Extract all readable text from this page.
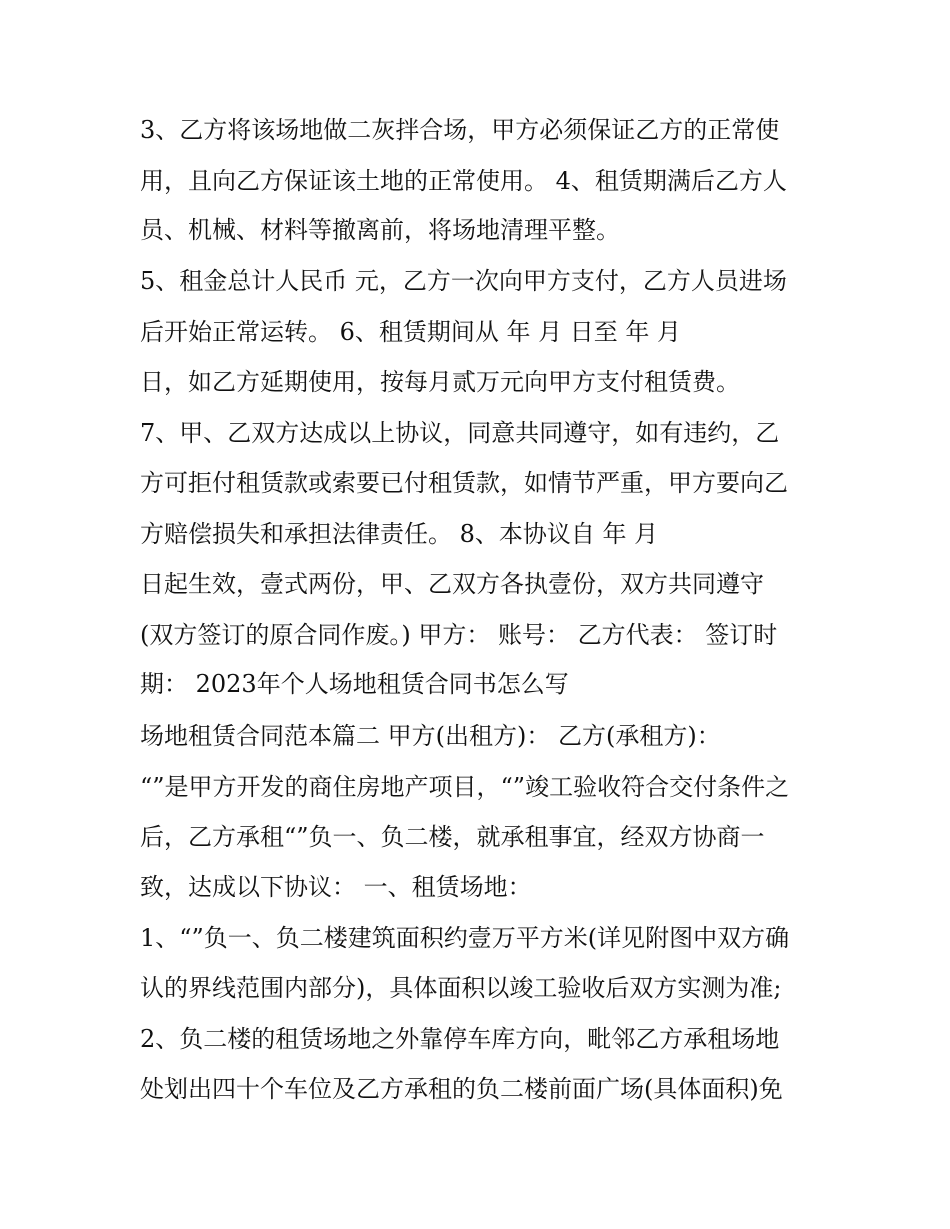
3、乙方将该场地做二灰拌合场，甲方必须保证乙方的正常使
用，且向乙方保证该土地的正常使用。 4、租赁期满后乙方人
员、机械、材料等撤离前，将场地清理平整。
5、租金总计人民币 元，乙方一次向甲方支付，乙方人员进场
后开始正常运转。 6、租赁期间从 年 月 日至 年 月
日，如乙方延期使用，按每月贰万元向甲方支付租赁费。
7、甲、乙双方达成以上协议，同意共同遵守，如有违约，乙
方可拒付租赁款或索要已付租赁款，如情节严重，甲方要向乙
方赔偿损失和承担法律责任。 8、本协议自 年 月
日起生效，壹式两份，甲、乙双方各执壹份，双方共同遵守
(双方签订的原合同作废。) 甲方： 账号： 乙方代表： 签订时
期： 2023年个人场地租赁合同书怎么写
场地租赁合同范本篇二 甲方(出租方)： 乙方(承租方)：
“”是甲方开发的商住房地产项目，“”竣工验收符合交付条件之
后，乙方承租“”负一、负二楼，就承租事宜，经双方协商一
致，达成以下协议： 一、租赁场地：
1、“”负一、负二楼建筑面积约壹万平方米(详见附图中双方确
认的界线范围内部分)，具体面积以竣工验收后双方实测为准;
2、负二楼的租赁场地之外靠停车库方向，毗邻乙方承租场地
处划出四十个车位及乙方承租的负二楼前面广场(具体面积)免
